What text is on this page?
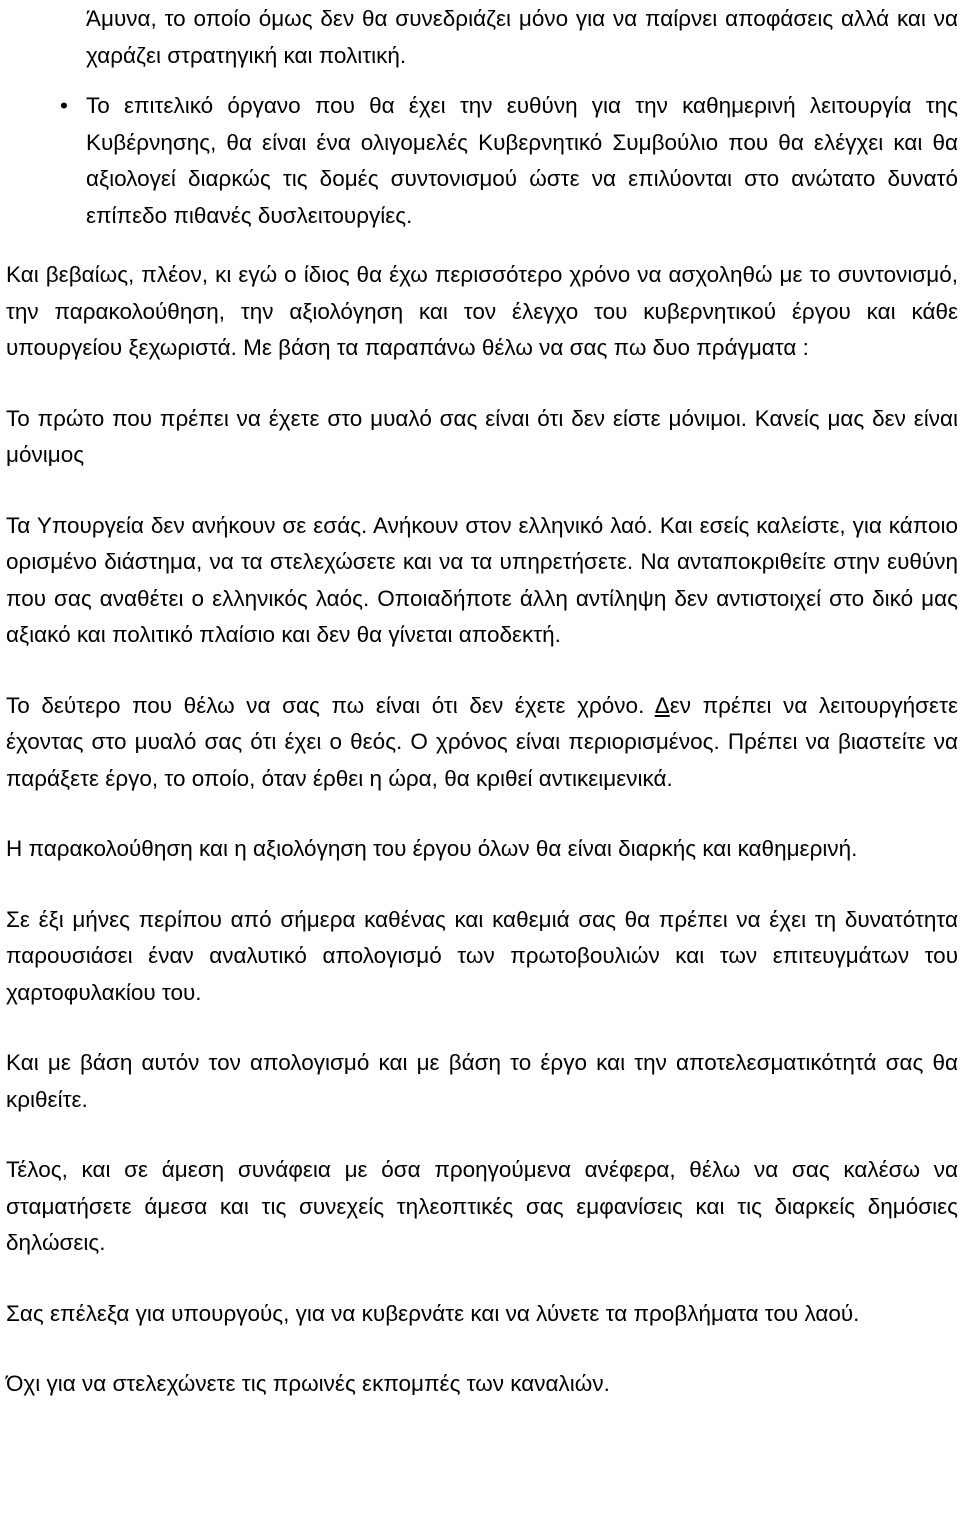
Άμυνα, το οποίο όμως δεν θα συνεδριάζει μόνο για να παίρνει αποφάσεις αλλά και να χαράζει στρατηγική και πολιτική.

• Το επιτελικό όργανο που θα έχει την ευθύνη για την καθημερινή λειτουργία της Κυβέρνησης, θα είναι ένα ολιγομελές Κυβερνητικό Συμβούλιο που θα ελέγχει και θα αξιολογεί διαρκώς τις δομές συντονισμού ώστε να επιλύονται στο ανώτατο δυνατό επίπεδο πιθανές δυσλειτουργίες.

Και βεβαίως, πλέον, κι εγώ ο ίδιος θα έχω περισσότερο χρόνο να ασχοληθώ με το συντονισμό, την παρακολούθηση, την αξιολόγηση και τον έλεγχο του κυβερνητικού έργου και κάθε υπουργείου ξεχωριστά. Με βάση τα παραπάνω θέλω να σας πω δυο πράγματα :

Το πρώτο που πρέπει να έχετε στο μυαλό σας είναι ότι δεν είστε μόνιμοι. Κανείς μας δεν είναι μόνιμος

Τα Υπουργεία δεν ανήκουν σε εσάς. Ανήκουν στον ελληνικό λαό. Και εσείς καλείστε, για κάποιο ορισμένο διάστημα, να τα στελεχώσετε και να τα υπηρετήσετε. Να ανταποκριθείτε στην ευθύνη που σας αναθέτει ο ελληνικός λαός. Οποιαδήποτε άλλη αντίληψη δεν αντιστοιχεί στο δικό μας αξιακό και πολιτικό πλαίσιο και δεν θα γίνεται αποδεκτή.

Το δεύτερο που θέλω να σας πω είναι ότι δεν έχετε χρόνο. Δεν πρέπει να λειτουργήσετε έχοντας στο μυαλό σας ότι έχει ο θεός. Ο χρόνος είναι περιορισμένος. Πρέπει να βιαστείτε να παράξετε έργο, το οποίο, όταν έρθει η ώρα, θα κριθεί αντικειμενικά.

Η παρακολούθηση και η αξιολόγηση του έργου όλων θα είναι διαρκής και καθημερινή.

Σε έξι μήνες περίπου από σήμερα καθένας και καθεμιά σας θα πρέπει να έχει τη δυνατότητα παρουσιάσει έναν αναλυτικό απολογισμό των πρωτοβουλιών και των επιτευγμάτων του χαρτοφυλακίου του.

Και με βάση αυτόν τον απολογισμό και με βάση το έργο και την αποτελεσματικότητά σας θα κριθείτε.

Τέλος, και σε άμεση συνάφεια με όσα προηγούμενα ανέφερα, θέλω να σας καλέσω να σταματήσετε άμεσα και τις συνεχείς τηλεοπτικές σας εμφανίσεις και τις διαρκείς δημόσιες δηλώσεις.

Σας επέλεξα για υπουργούς, για να κυβερνάτε και να λύνετε τα προβλήματα του λαού.

Όχι για να στελεχώνετε τις πρωινές εκπομπές των καναλιών.
